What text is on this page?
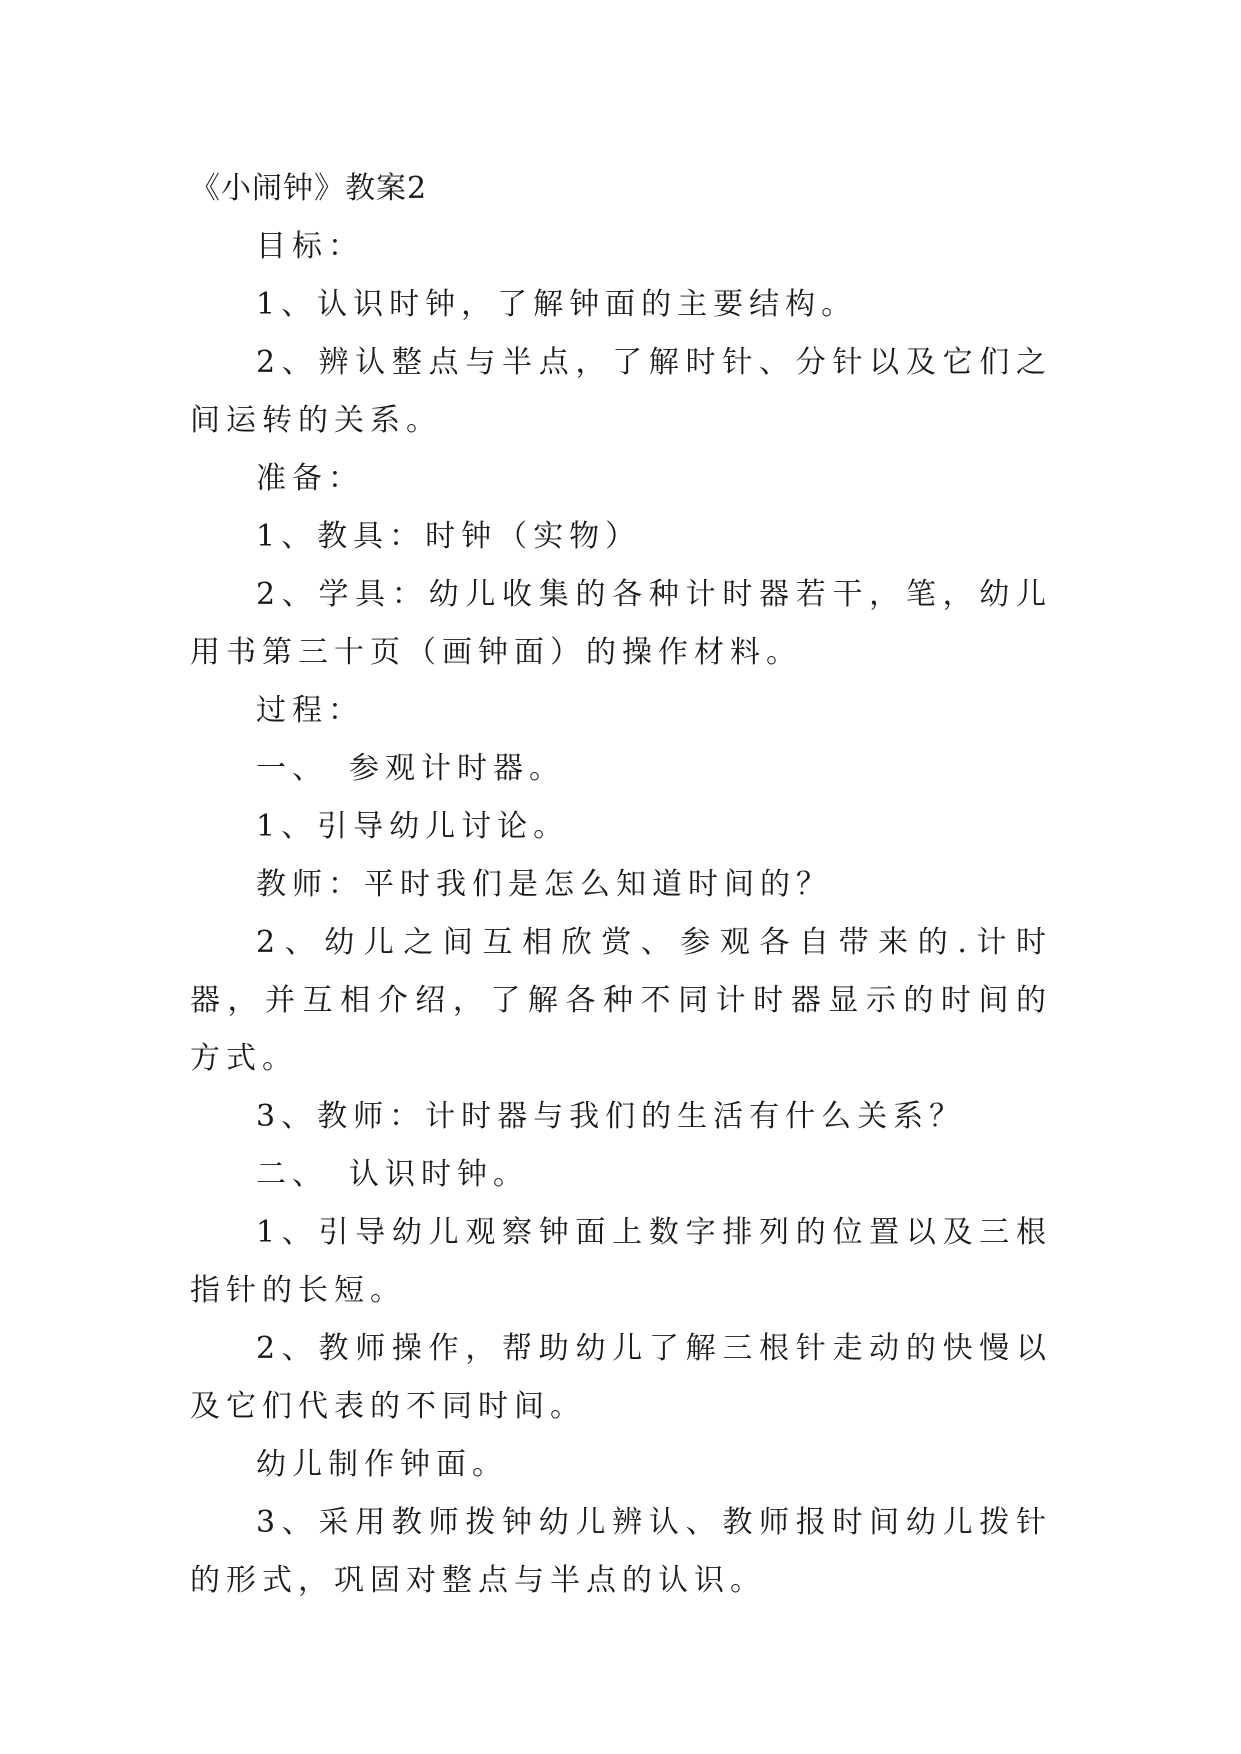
《小闹钟》教案2

目标：

1、认识时钟，了解钟面的主要结构。

2、辨认整点与半点，了解时针、分针以及它们之间运转的关系。

准备：

1、教具：时钟（实物）

2、学具：幼儿收集的各种计时器若干，笔，幼儿用书第三十页（画钟面）的操作材料。

过程：

一、　参观计时器。

1、引导幼儿讨论。

教师：平时我们是怎么知道时间的？

2、幼儿之间互相欣赏、参观各自带来的.计时器，并互相介绍，了解各种不同计时器显示的时间的方式。

3、教师：计时器与我们的生活有什么关系？

二、　认识时钟。

1、引导幼儿观察钟面上数字排列的位置以及三根指针的长短。

2、教师操作，帮助幼儿了解三根针走动的快慢以及它们代表的不同时间。

幼儿制作钟面。

3、采用教师拨钟幼儿辨认、教师报时间幼儿拨针的形式，巩固对整点与半点的认识。
